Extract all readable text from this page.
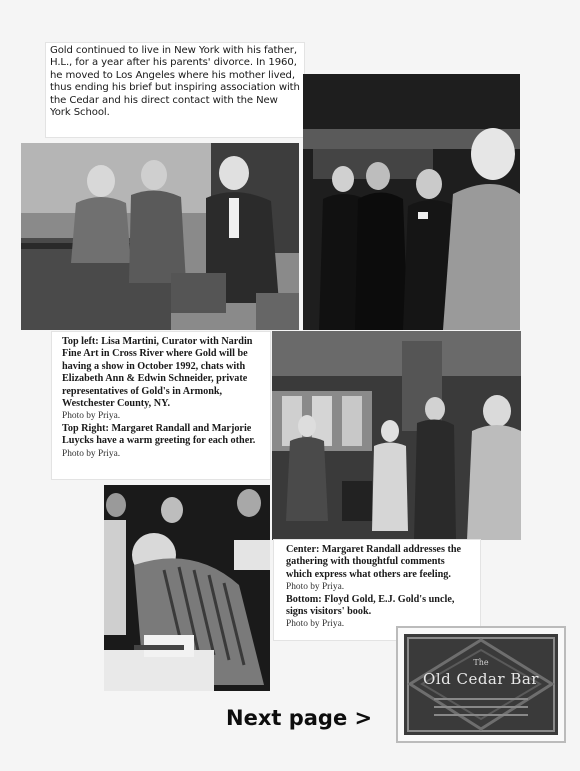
Gold continued to live in New York with his father, H.L., for a year after his parents' divorce. In 1960, he moved to Los Angeles where his mother lived, thus ending his brief but inspiring association with the Cedar and his direct contact with the New York School.

Top left: Lisa Martini, Curator with Nardin Fine Art in Cross River where Gold will be having a show in October 1992, chats with Elizabeth Ann & Edwin Schneider, private representatives of Gold's in Armonk, Westchester County, NY.

Photo by Priya.

Top Right: Margaret Randall and Marjorie Luycks have a warm greeting for each other.

Photo by Priya.

Center: Margaret Randall addresses the gathering with thoughtful comments which express what others are feeling.

Photo by Priya.

Bottom: Floyd Gold, E.J. Gold's uncle, signs visitors' book.

Photo by Priya.

Next page >
The
Old Cedar Bar
